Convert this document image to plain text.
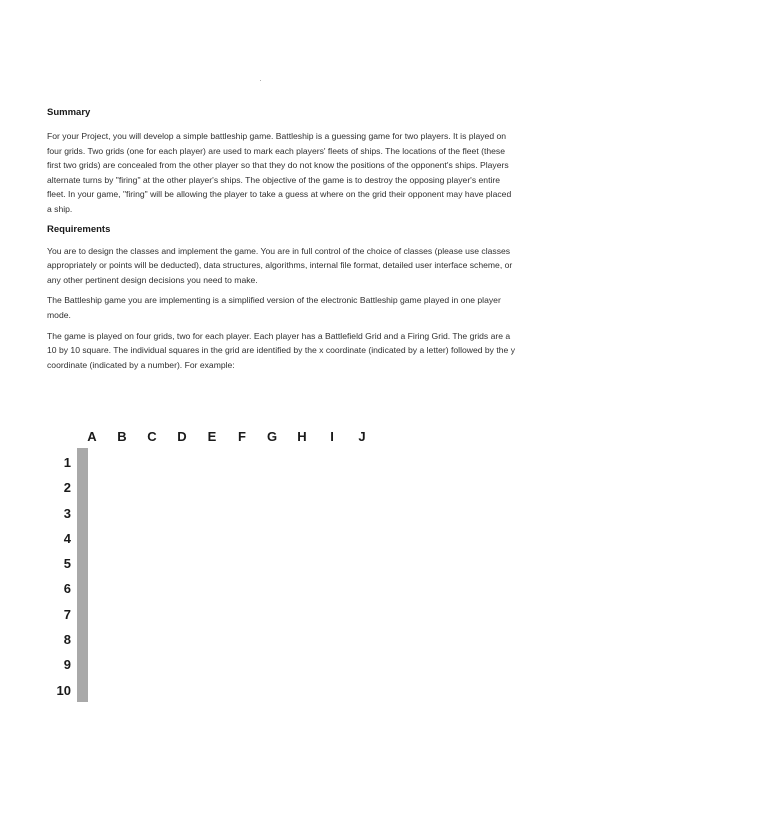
Summary

For your Project, you will develop a simple battleship game. Battleship is a guessing game for two players. It is played on four grids. Two grids (one for each player) are used to mark each players' fleets of ships. The locations of the fleet (these first two grids) are concealed from the other player so that they do not know the positions of the opponent's ships. Players alternate turns by "firing" at the other player's ships. The objective of the game is to destroy the opposing player's entire fleet. In your game, "firing" will be allowing the player to take a guess at where on the grid their opponent may have placed a ship.

Requirements

You are to design the classes and implement the game. You are in full control of the choice of classes (please use classes appropriately or points will be deducted), data structures, algorithms, internal file format, detailed user interface scheme, or any other pertinent design decisions you need to make.

The Battleship game you are implementing is a simplified version of the electronic Battleship game played in one player mode.

The game is played on four grids, two for each player. Each player has a Battlefield Grid and a Firing Grid. The grids are a 10 by 10 square. The individual squares in the grid are identified by the x coordinate (indicated by a letter) followed by the y coordinate (indicated by a number). For example:

A	B	C	D	E	F	G	H	I	J
1
2
3
4
5
6
7
8
9
10
